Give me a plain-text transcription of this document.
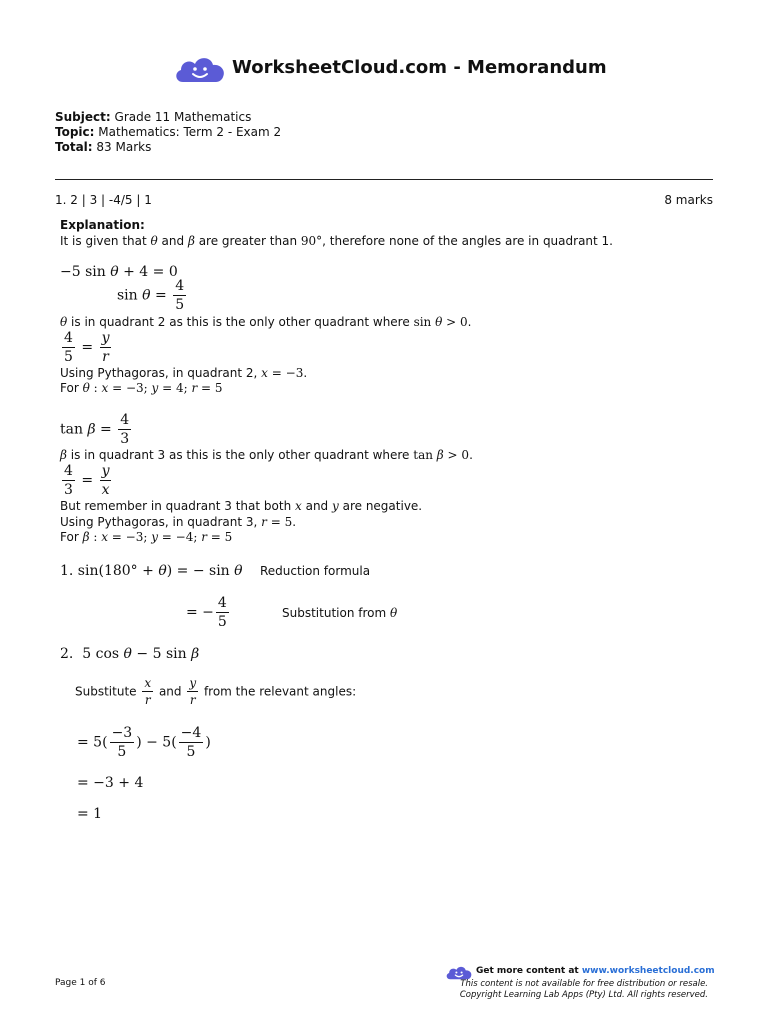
WorksheetCloud.com - Memorandum
Subject: Grade 11 Mathematics
Topic: Mathematics: Term 2 - Exam 2
Total: 83 Marks
1. 2 | 3 | -4/5 | 1	8 marks
Explanation:
It is given that θ and β are greater than 90°, therefore none of the angles are in quadrant 1.
−5 sin θ + 4 = 0
$\sin \theta = \frac{4}{5}$
θ is in quadrant 2 as this is the only other quadrant where sin θ > 0.
$\frac{4}{5} = \frac{y}{r}$
Using Pythagoras, in quadrant 2, x = −3.
For θ : x = −3; y = 4; r = 5
$\tan \beta = \frac{4}{3}$
β is in quadrant 3 as this is the only other quadrant where tan β > 0.
$\frac{4}{3} = \frac{y}{x}$
But remember in quadrant 3 that both x and y are negative.
Using Pythagoras, in quadrant 3, r = 5.
For β : x = −3; y = −4; r = 5
1. sin(180° + θ) = − sin θ Reduction formula
= − $\frac{4}{5}$	Substitution from θ
2.  5 cos θ − 5 sin β
Substitute $\frac{x}{r}$ and $\frac{y}{r}$ from the relevant angles:
= $5( \frac{-3}{5}$ ) − $5( \frac{-4}{5}$ )
= −3 + 4
= 1
Page 1 of 6
Get more content at www.worksheetcloud.com
This content is not available for free distribution or resale.
Copyright Learning Lab Apps (Pty) Ltd. All rights reserved.
